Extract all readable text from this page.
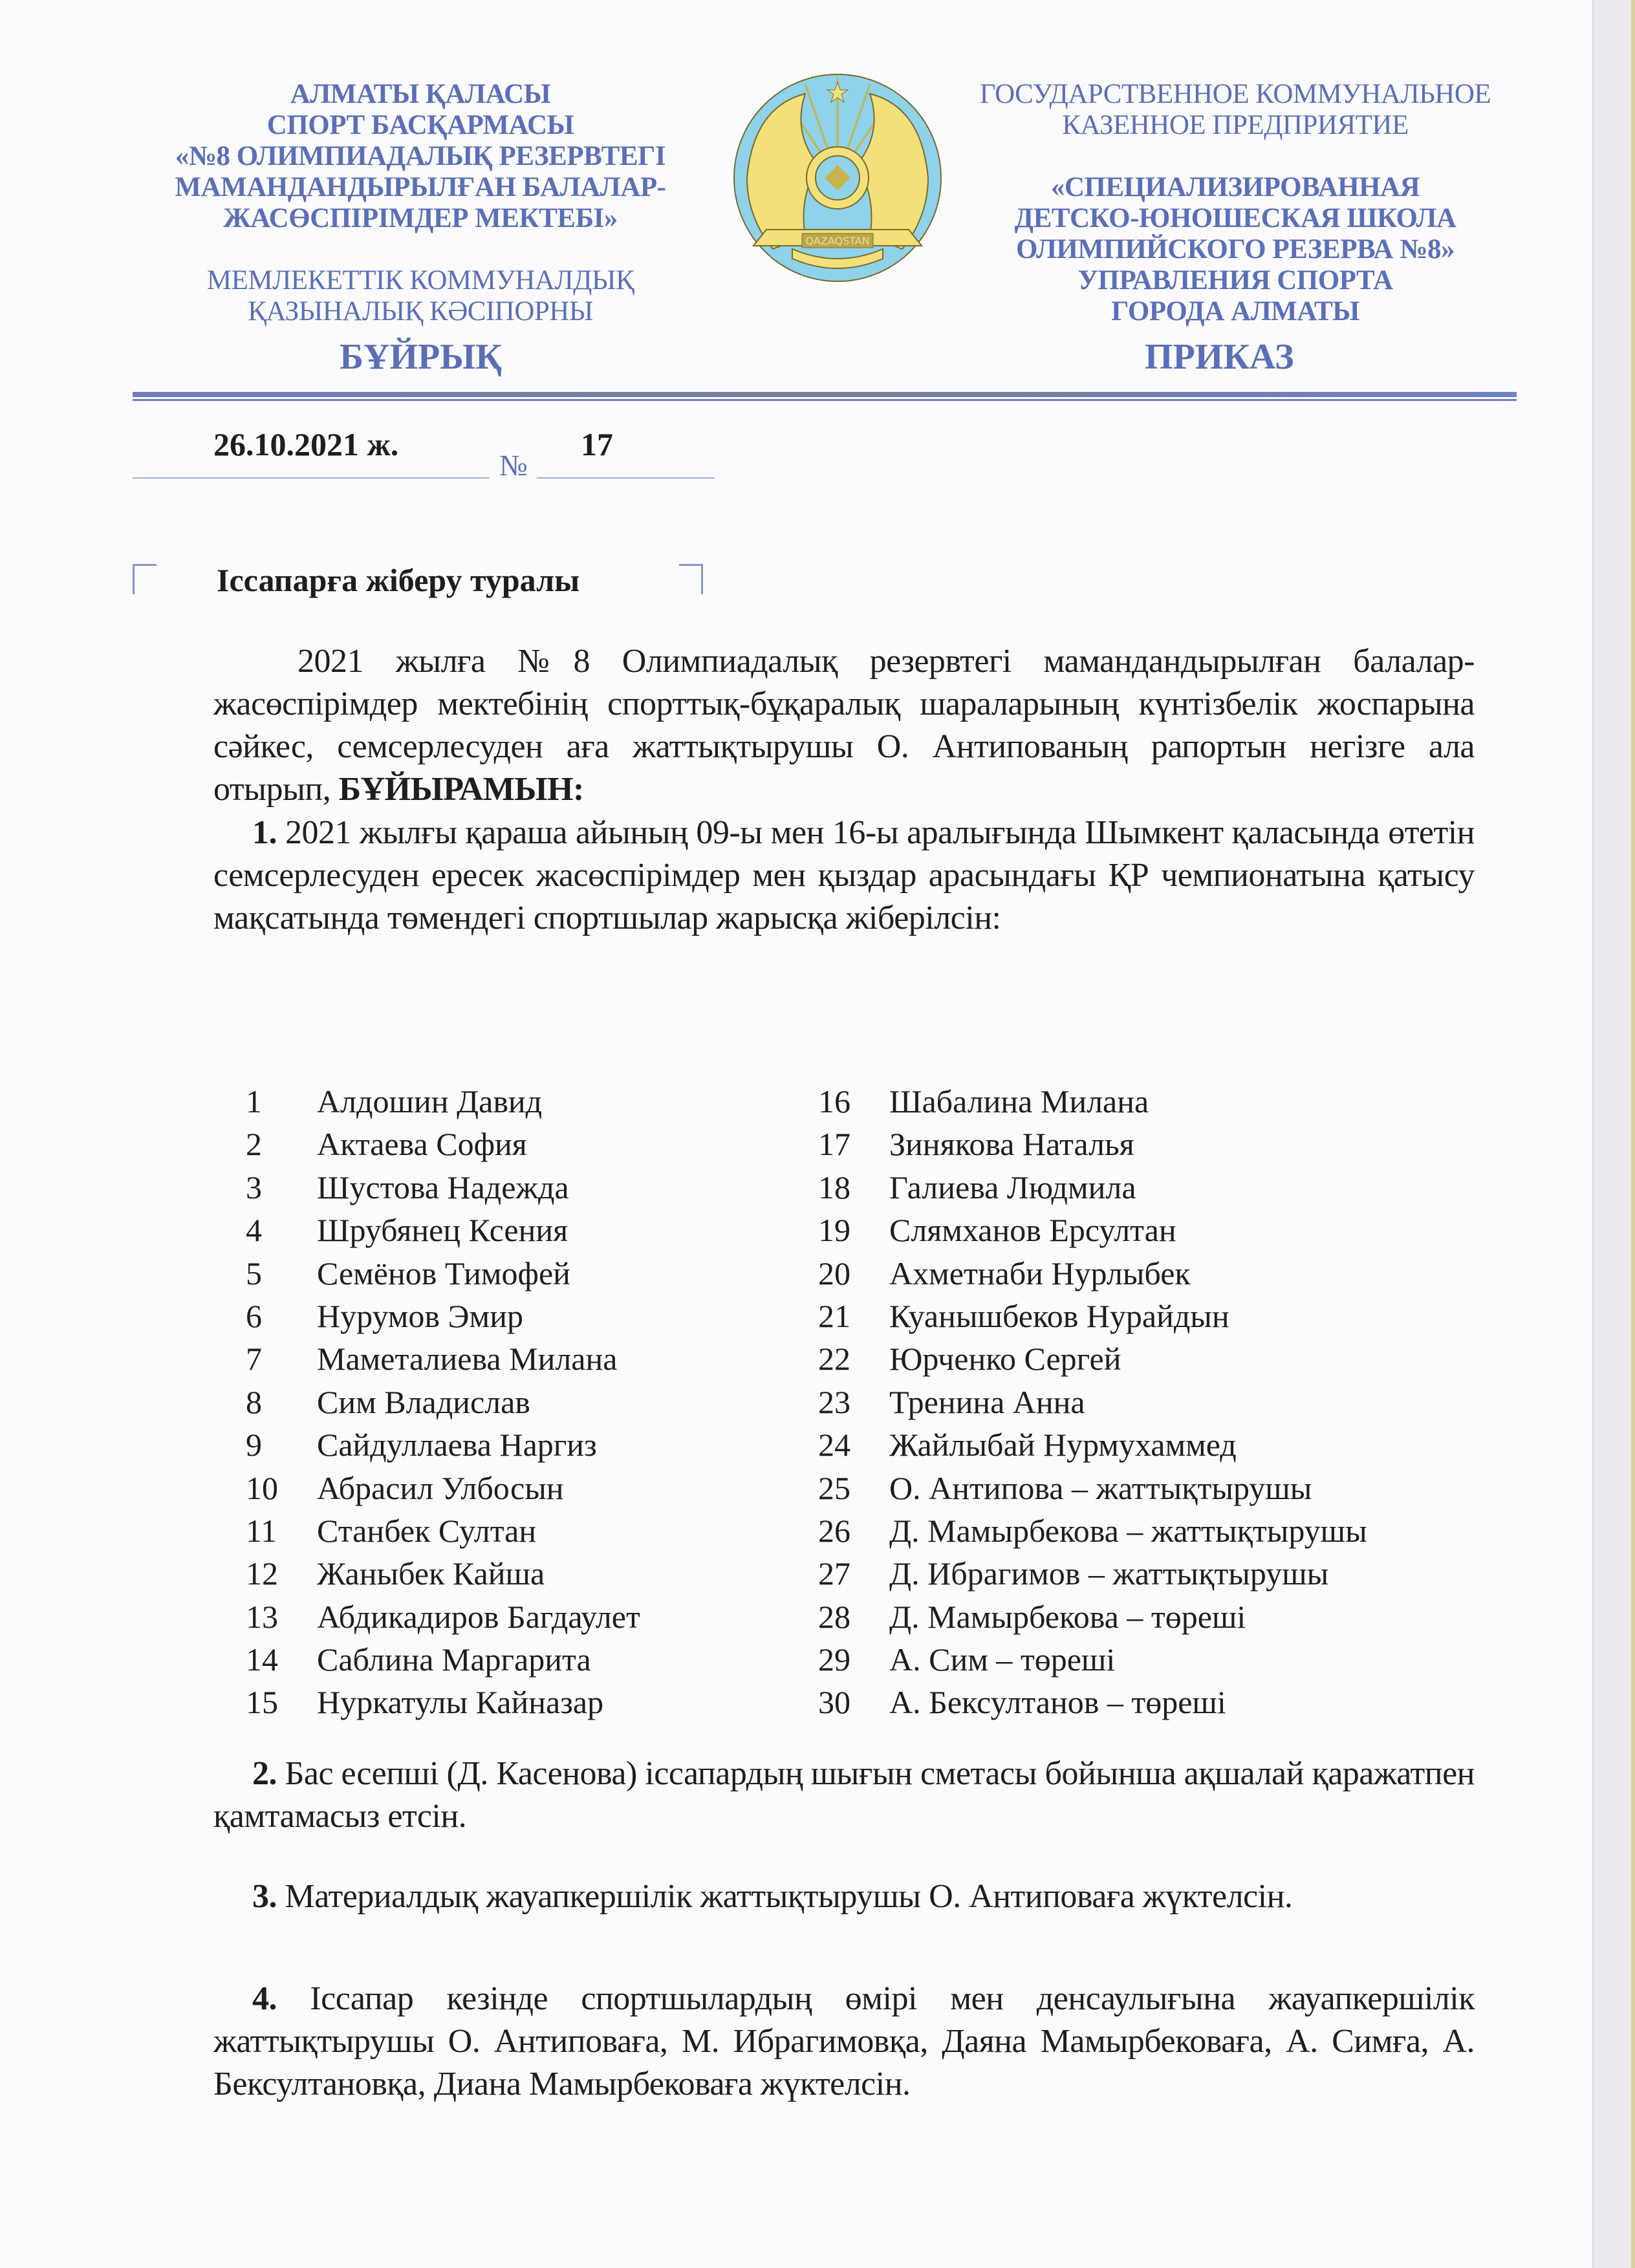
АЛМАТЫ ҚАЛАСЫ
СПОРТ БАСҚАРМАСЫ
«№8 ОЛИМПИАДАЛЫҚ РЕЗЕРВТЕГІ
МАМАНДАНДЫРЫЛҒАН БАЛАЛАР-
ЖАСӨСПІРІМДЕР МЕКТЕБІ»
МЕМЛЕКЕТТІК КОММУНАЛДЫҚ
ҚАЗЫНАЛЫҚ КӘСІПОРНЫ
QAZAQSTAN
ГОСУДАРСТВЕННОЕ КОММУНАЛЬНОЕ
КАЗЕННОЕ ПРЕДПРИЯТИЕ
«СПЕЦИАЛИЗИРОВАННАЯ
ДЕТСКО-ЮНОШЕСКАЯ ШКОЛА
ОЛИМПИЙСКОГО РЕЗЕРВА №8»
УПРАВЛЕНИЯ СПОРТА
ГОРОДА АЛМАТЫ
БҰЙРЫҚ	ПРИКАЗ
26.10.2021 ж.
№
17
Іссапарға жіберу туралы
2021 жылға №8 Олимпиадалық резервтегі мамандандырылған балалар-жасөспірімдер мектебінің спорттық-бұқаралық шараларының күнтізбелік жоспарына сәйкес, семсерлесуден аға жаттықтырушы О. Антипованың рапортын негізге ала отырып, БҰЙЫРАМЫН:
1. 2021 жылғы қараша айының 09-ы мен 16-ы аралығында Шымкент қаласында өтетін семсерлесуден ересек жасөспірімдер мен қыздар арасындағы ҚР чемпионатына қатысу мақсатында төмендегі спортшылар жарысқа жіберілсін:
1 Алдошин Давид
2 Актаева София
3 Шустова Надежда
4 Шрубянец Ксения
5 Семёнов Тимофей
6 Нурумов Эмир
7 Маметалиева Милана
8 Сим Владислав
9 Сайдуллаева Наргиз
10 Абрасил Улбосын
11 Станбек Султан
12 Жаныбек Кайша
13 Абдикадиров Багдаулет
14 Саблина Маргарита
15 Нуркатулы Кайназар
16 Шабалина Милана
17 Зинякова Наталья
18 Галиева Людмила
19 Слямханов Ерсултан
20 Ахметнаби Нурлыбек
21 Куанышбеков Нурайдын
22 Юрченко Сергей
23 Тренина Анна
24 Жайлыбай Нурмухаммед
25 О. Антипова – жаттықтырушы
26 Д. Мамырбекова – жаттықтырушы
27 Д. Ибрагимов – жаттықтырушы
28 Д. Мамырбекова – төреші
29 А. Сим – төреші
30 А. Бексултанов – төреші
2. Бас есепші (Д. Касенова) іссапардың шығын сметасы бойынша ақшалай қаражатпен қамтамасыз етсін.
3. Материалдық жауапкершілік жаттықтырушы О. Антиповаға жүктелсін.
4. Іссапар кезінде спортшылардың өмірі мен денсаулығына жауапкершілік жаттықтырушы О. Антиповаға, М. Ибрагимовқа, Даяна Мамырбековаға, А. Симға, А. Бексултановқа, Диана Мамырбековаға жүктелсін.
